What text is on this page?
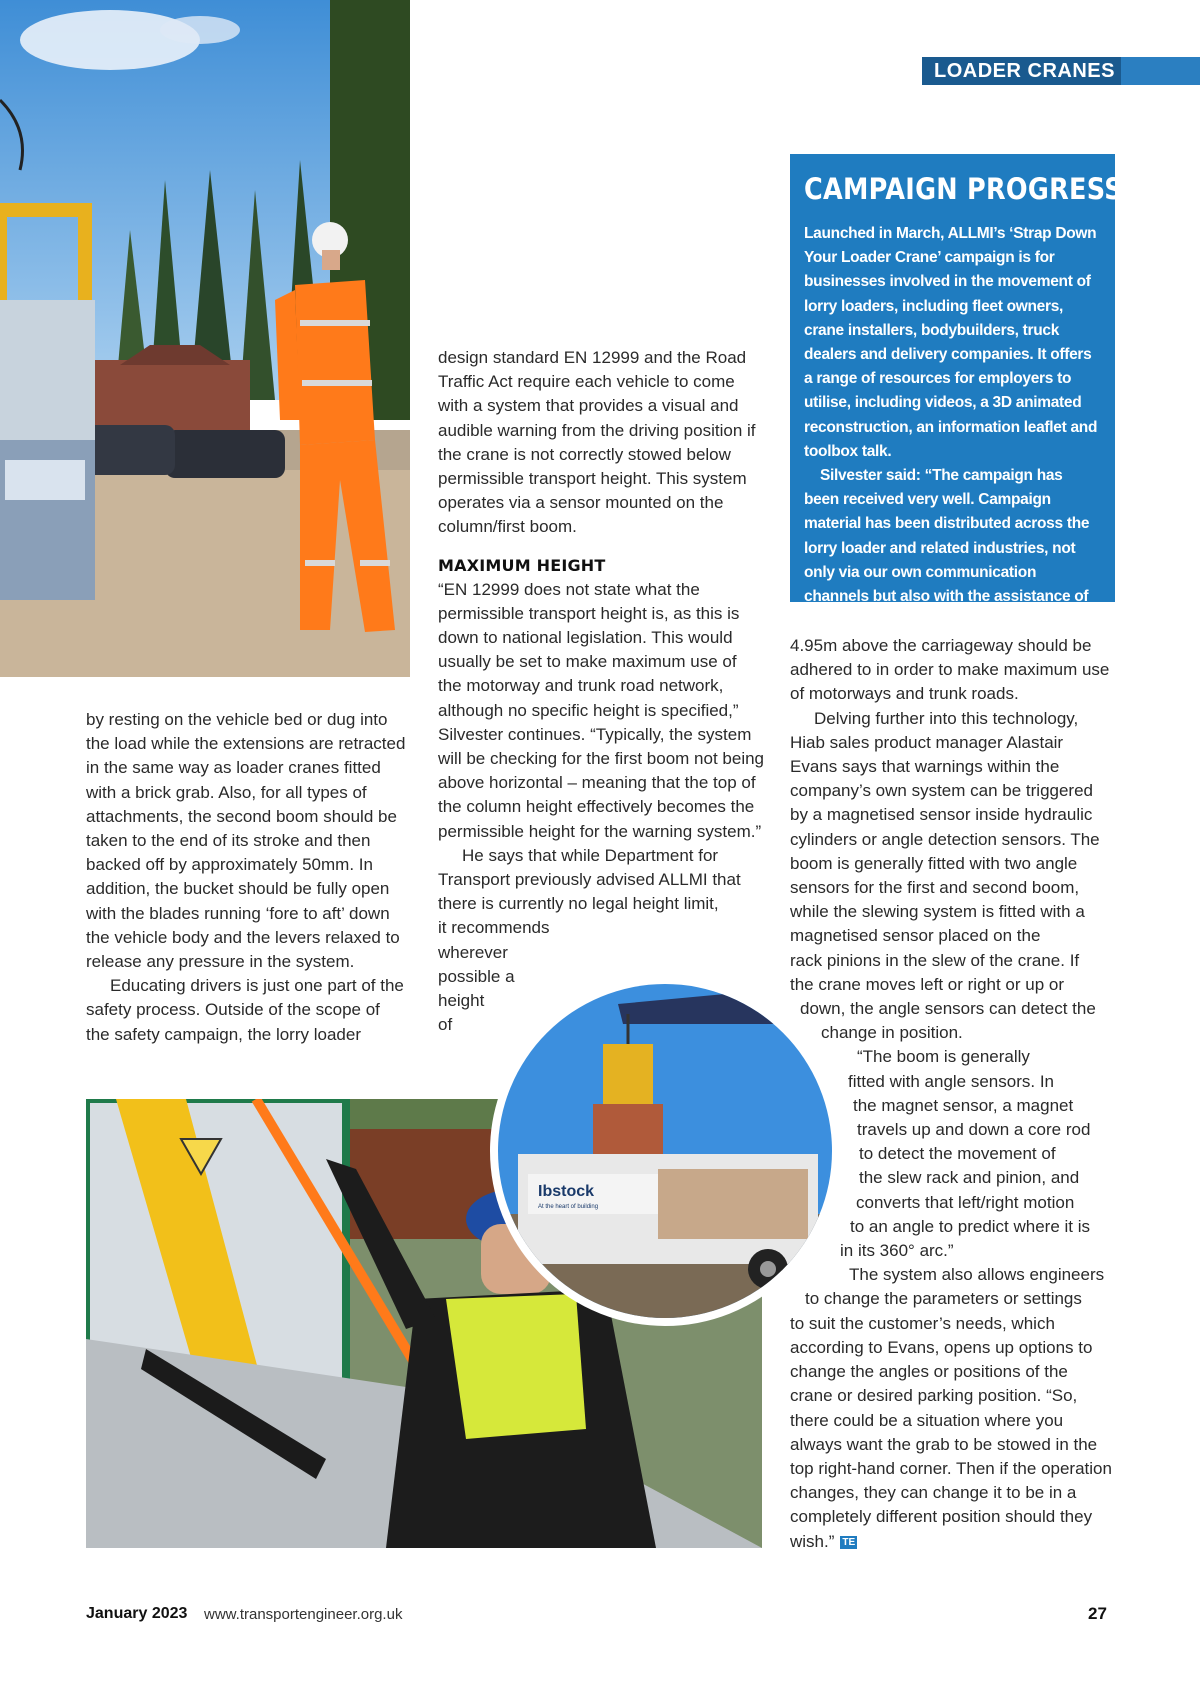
LOADER CRANES
CAMPAIGN PROGRESS

Launched in March, ALLMI’s ‘Strap Down Your Loader Crane’ campaign is for businesses involved in the movement of lorry loaders, including fleet owners, crane installers, bodybuilders, truck dealers and delivery companies. It offers a range of resources for employers to utilise, including videos, a 3D animated reconstruction, an information leaflet and toolbox talk.

Silvester said: “The campaign has been received very well. Campaign material has been distributed across the lorry loader and related industries, not only via our own communication channels but also with the assistance of other related trade associations.”

by resting on the vehicle bed or dug into the load while the extensions are retracted in the same way as loader cranes fitted with a brick grab. Also, for all types of attachments, the second boom should be taken to the end of its stroke and then backed off by approximately 50mm. In addition, the bucket should be fully open with the blades running ‘fore to aft’ down the vehicle body and the levers relaxed to release any pressure in the system.

Educating drivers is just one part of the safety process. Outside of the scope of the safety campaign, the lorry loader

design standard EN 12999 and the Road Traffic Act require each vehicle to come with a system that provides a visual and audible warning from the driving position if the crane is not correctly stowed below permissible transport height. This system operates via a sensor mounted on the column/first boom.

MAXIMUM HEIGHT

“EN 12999 does not state what the permissible transport height is, as this is down to national legislation. This would usually be set to make maximum use of the motorway and trunk road network, although no specific height is specified,” Silvester continues. “Typically, the system will be checking for the first boom not being above horizontal – meaning that the top of the column height effectively becomes the permissible height for the warning system.”

He says that while Department for Transport previously advised ALLMI that there is currently no legal height limit,

it recommends

wherever

possible a

height

of

4.95m above the carriageway should be adhered to in order to make maximum use of motorways and trunk roads.

Delving further into this technology, Hiab sales product manager Alastair Evans says that warnings within the company’s own system can be triggered by a magnetised sensor inside hydraulic cylinders or angle detection sensors. The boom is generally fitted with two angle sensors for the first and second boom, while the slewing system is fitted with a magnetised sensor placed on the

rack pinions in the slew of the crane. If

the crane moves left or right or up or

down, the angle sensors can detect the

change in position.

“The boom is generally

fitted with angle sensors. In

the magnet sensor, a magnet

travels up and down a core rod

to detect the movement of

the slew rack and pinion, and

converts that left/right motion

to an angle to predict where it is

in its 360° arc.”

The system also allows engineers

to change the parameters or settings

to suit the customer’s needs, which

according to Evans, opens up options to change the angles or positions of the crane or desired parking position. “So, there could be a situation where you always want the grab to be stowed in the top right-hand corner. Then if the operation changes, they can change it to be in a completely different position should they wish.” TE

Ibstock
At the heart of building
January 2023 www.transportengineer.org.uk	27
